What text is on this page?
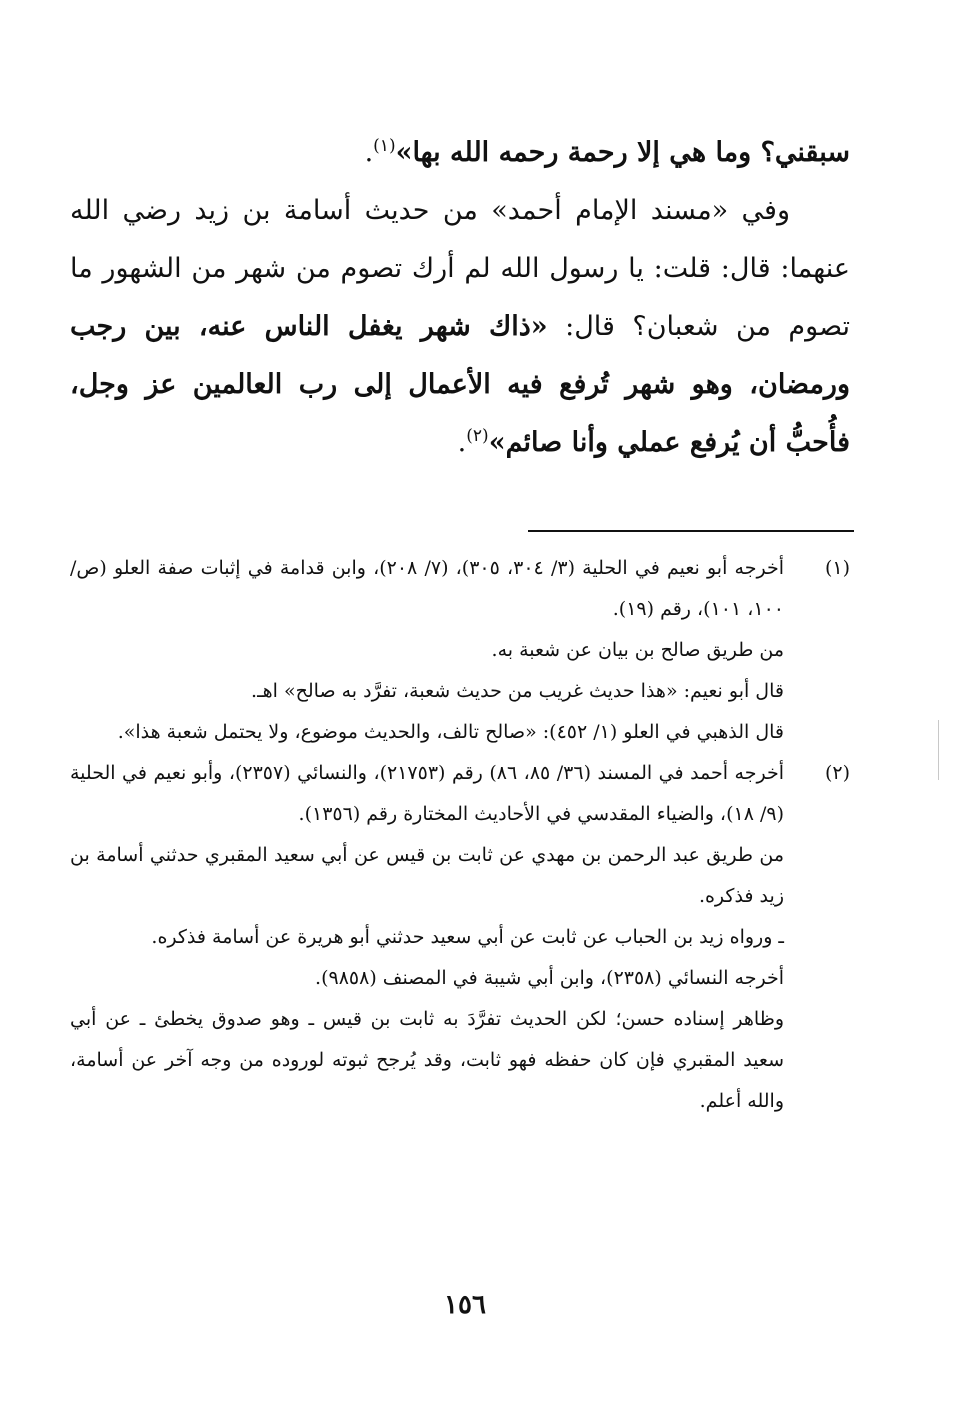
سبقني؟ وما هي إلا رحمة رحمه الله بها»$^{(١)}$.

وفي «مسند الإمام أحمد» من حديث أسامة بن زيد رضي الله عنهما: قال: قلت: يا رسول الله لم أرك تصوم من شهر من الشهور ما تصوم من شعبان؟ قال: «ذاك شهر يغفل الناس عنه، بين رجب ورمضان، وهو شهر تُرفع فيه الأعمال إلى رب العالمين عز وجل، فأُحبُّ أن يُرفع عملي وأنا صائم»$^{(٢)}$.

(١)

أخرجه أبو نعيم في الحلية (٣/ ٣٠٤، ٣٠٥)، (٧/ ٢٠٨)، وابن قدامة في إثبات صفة العلو (ص/ ١٠٠، ١٠١)، رقم (١٩).

من طريق صالح بن بيان عن شعبة به.

قال أبو نعيم: «هذا حديث غريب من حديث شعبة، تفرَّد به صالح» اهـ.

قال الذهبي في العلو (١/ ٤٥٢): «صالح تالف، والحديث موضوع، ولا يحتمل شعبة هذا».

(٢)

أخرجه أحمد في المسند (٣٦/ ٨٥، ٨٦) رقم (٢١٧٥٣)، والنسائي (٢٣٥٧)، وأبو نعيم في الحلية (٩/ ١٨)، والضياء المقدسي في الأحاديث المختارة رقم (١٣٥٦).

من طريق عبد الرحمن بن مهدي عن ثابت بن قيس عن أبي سعيد المقبري حدثني أسامة بن زيد فذكره.

ـ ورواه زيد بن الحباب عن ثابت عن أبي سعيد حدثني أبو هريرة عن أسامة فذكره.

أخرجه النسائي (٢٣٥٨)، وابن أبي شيبة في المصنف (٩٨٥٨).

وظاهر إسناده حسن؛ لكن الحديث تفرَّدَ به ثابت بن قيس ـ وهو صدوق يخطئ ـ عن أبي سعيد المقبري فإن كان حفظه فهو ثابت، وقد يُرجح ثبوته لوروده من وجه آخر عن أسامة، والله أعلم.

١٥٦
